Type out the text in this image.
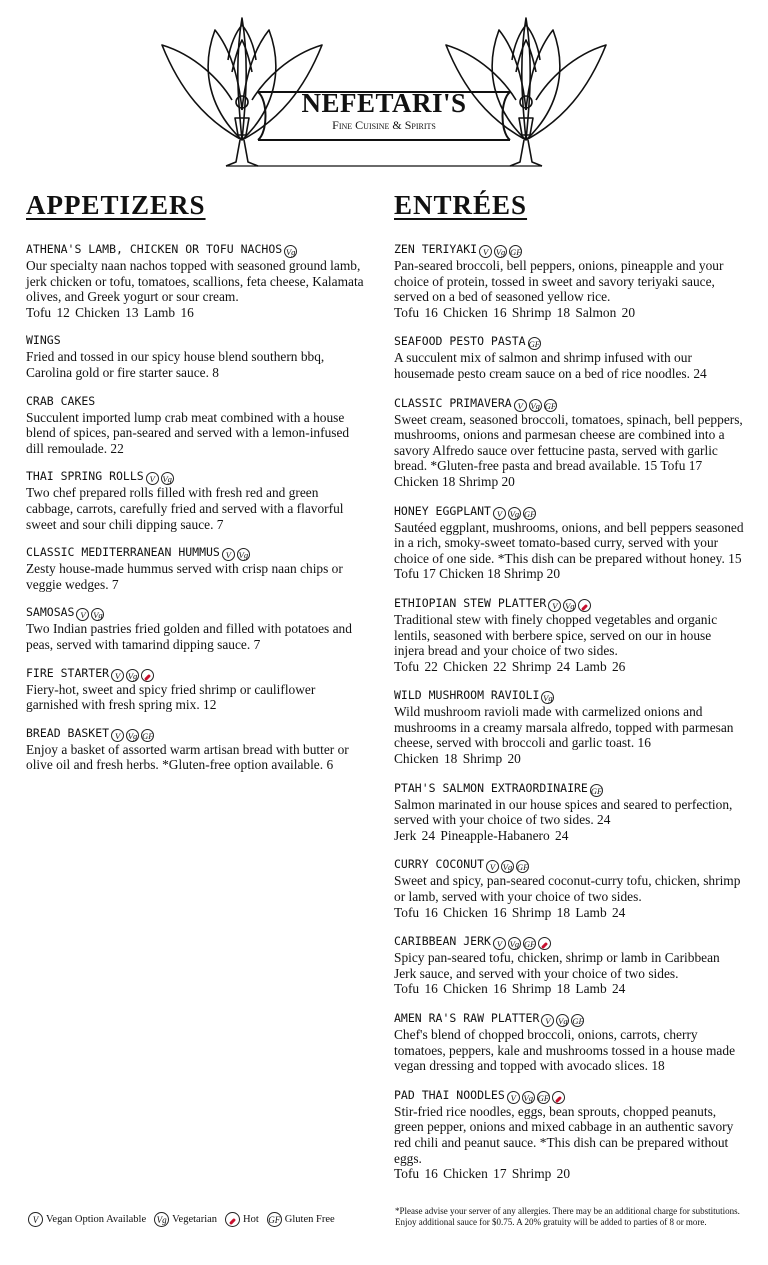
NEFETARI'S
Fine Cuisine & Spirits
APPETIZERS
ATHENA'S LAMB, CHICKEN OR TOFU NACHOS Vg
Our specialty naan nachos topped with seasoned ground lamb, jerk chicken or tofu, tomatoes, scallions, feta cheese, Kalamata olives, and Greek yogurt or sour cream.
Tofu 12 Chicken 13 Lamb 16
WINGS
Fried and tossed in our spicy house blend southern bbq, Carolina gold or fire starter sauce. 8
CRAB CAKES
Succulent imported lump crab meat combined with a house blend of spices, pan-seared and served with a lemon-infused dill remoulade. 22
THAI SPRING ROLLS V Vg
Two chef prepared rolls filled with fresh red and green cabbage, carrots, carefully fried and served with a flavorful sweet and sour chili dipping sauce. 7
CLASSIC MEDITERRANEAN HUMMUS V Vg
Zesty house-made hummus served with crisp naan chips or veggie wedges. 7
SAMOSAS V Vg
Two Indian pastries fried golden and filled with potatoes and peas, served with tamarind dipping sauce. 7
FIRE STARTER V Vg
Fiery-hot, sweet and spicy fried shrimp or cauliflower garnished with fresh spring mix. 12
BREAD BASKET V Vg GF
Enjoy a basket of assorted warm artisan bread with butter or olive oil and fresh herbs. *Gluten-free option available. 6
ENTRÉES
ZEN TERIYAKI V Vg GF
Pan-seared broccoli, bell peppers, onions, pineapple and your choice of protein, tossed in sweet and savory teriyaki sauce, served on a bed of seasoned yellow rice.
Tofu 16 Chicken 16 Shrimp 18 Salmon 20
SEAFOOD PESTO PASTA GF
A succulent mix of salmon and shrimp infused with our housemade pesto cream sauce on a bed of rice noodles. 24
CLASSIC PRIMAVERA V Vg GF
Sweet cream, seasoned broccoli, tomatoes, spinach, bell peppers, mushrooms, onions and parmesan cheese are combined into a savory Alfredo sauce over fettucine pasta, served with garlic bread. *Gluten-free pasta and bread available. 15 Tofu 17 Chicken 18 Shrimp 20
HONEY EGGPLANT V Vg GF
Sautéed eggplant, mushrooms, onions, and bell peppers seasoned in a rich, smoky-sweet tomato-based curry, served with your choice of one side. *This dish can be prepared without honey. 15 Tofu 17 Chicken 18 Shrimp 20
ETHIOPIAN STEW PLATTER V Vg
Traditional stew with finely chopped vegetables and organic lentils, seasoned with berbere spice, served on our in house injera bread and your choice of two sides.
Tofu 22 Chicken 22 Shrimp 24 Lamb 26
WILD MUSHROOM RAVIOLI Vg
Wild mushroom ravioli made with carmelized onions and mushrooms in a creamy marsala alfredo, topped with parmesan cheese, served with broccoli and garlic toast. 16
Chicken 18 Shrimp 20
PTAH'S SALMON EXTRAORDINAIRE GF
Salmon marinated in our house spices and seared to perfection, served with your choice of two sides. 24
Jerk 24 Pineapple-Habanero 24
CURRY COCONUT V Vg GF
Sweet and spicy, pan-seared coconut-curry tofu, chicken, shrimp or lamb, served with your choice of two sides.
Tofu 16 Chicken 16 Shrimp 18 Lamb 24
CARIBBEAN JERK V Vg GF
Spicy pan-seared tofu, chicken, shrimp or lamb in Caribbean Jerk sauce, and served with your choice of two sides.
Tofu 16 Chicken 16 Shrimp 18 Lamb 24
AMEN RA'S RAW PLATTER V Vg GF
Chef's blend of chopped broccoli, onions, carrots, cherry tomatoes, peppers, kale and mushrooms tossed in a house made vegan dressing and topped with avocado slices. 18
PAD THAI NOODLES V Vg GF
Stir-fried rice noodles, eggs, bean sprouts, chopped peanuts, green pepper, onions and mixed cabbage in an authentic savory red chili and peanut sauce. *This dish can be prepared without eggs.
Tofu 16 Chicken 17 Shrimp 20
V Vegan Option Available Vg Vegetarian Hot GF Gluten Free
*Please advise your server of any allergies. There may be an additional charge for substitutions. Enjoy additional sauce for $0.75. A 20% gratuity will be added to parties of 8 or more.
